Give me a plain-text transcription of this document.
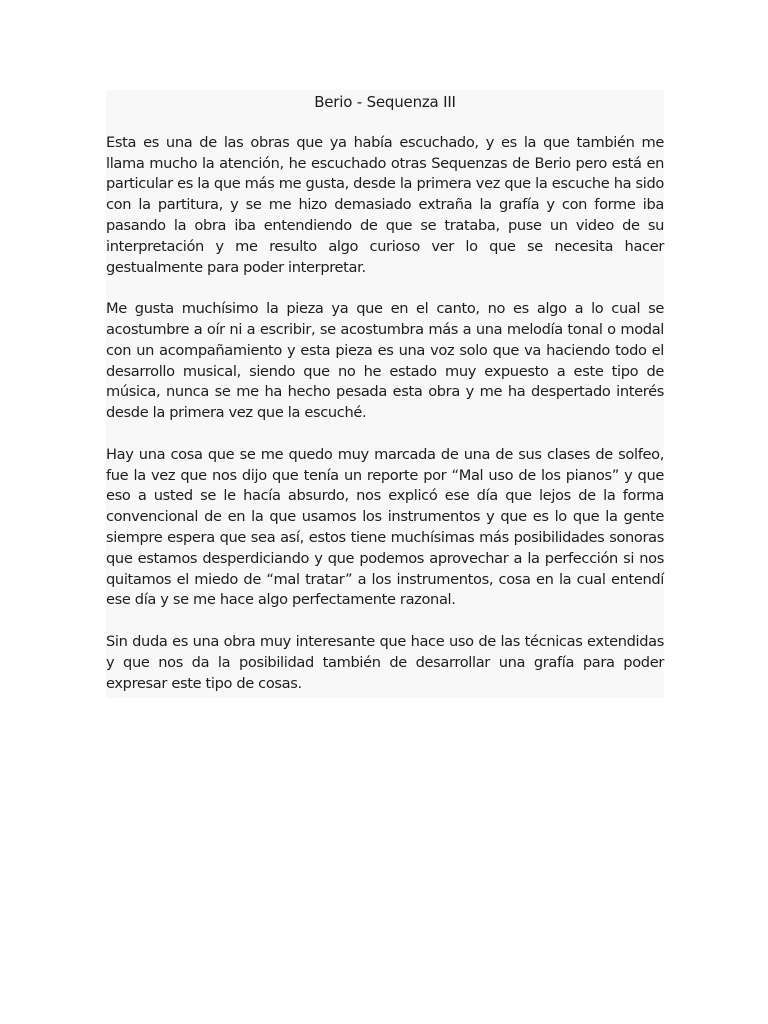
Berio - Sequenza III

Esta es una de las obras que ya había escuchado, y es la que también me llama mucho la atención, he escuchado otras Sequenzas de Berio pero está en particular es la que más me gusta, desde la primera vez que la escuche ha sido con la partitura, y se me hizo demasiado extraña la grafía y con forme iba pasando la obra iba entendiendo de que se trataba, puse un video de su interpretación y me resulto algo curioso ver lo que se necesita hacer gestualmente para poder interpretar.

Me gusta muchísimo la pieza ya que en el canto, no es algo a lo cual se acostumbre a oír ni a escribir, se acostumbra más a una melodía tonal o modal con un acompañamiento y esta pieza es una voz solo que va haciendo todo el desarrollo musical, siendo que no he estado muy expuesto a este tipo de música, nunca se me ha hecho pesada esta obra y me ha despertado interés desde la primera vez que la escuché.

Hay una cosa que se me quedo muy marcada de una de sus clases de solfeo, fue la vez que nos dijo que tenía un reporte por “Mal uso de los pianos” y que eso a usted se le hacía absurdo, nos explicó ese día que lejos de la forma convencional de en la que usamos los instrumentos y que es lo que la gente siempre espera que sea así, estos tiene muchísimas más posibilidades sonoras que estamos desperdiciando y que podemos aprovechar a la perfección si nos quitamos el miedo de “mal tratar” a los instrumentos, cosa en la cual entendí ese día y se me hace algo perfectamente razonal.

Sin duda es una obra muy interesante que hace uso de las técnicas extendidas y que nos da la posibilidad también de desarrollar una grafía para poder expresar este tipo de cosas.
